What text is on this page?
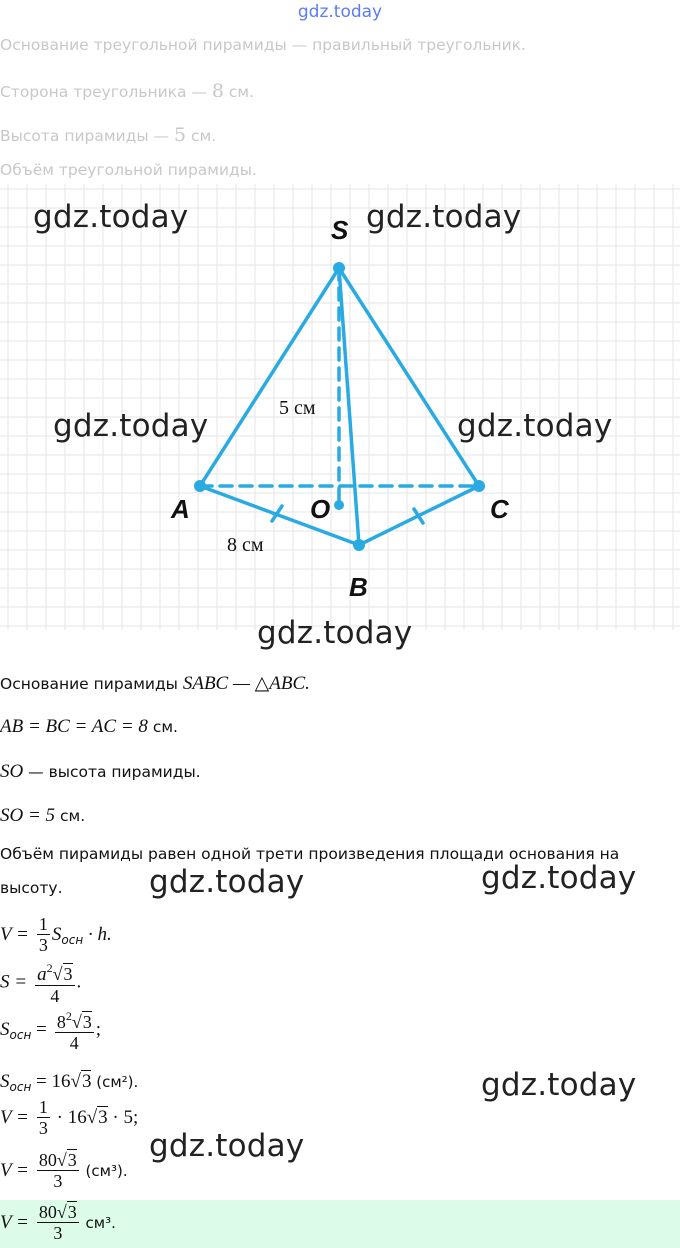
gdz.today
Основание треугольной пирамиды — правильный треугольник.
Сторона треугольника — 8 см.
Высота пирамиды — 5 см.
Объём треугольной пирамиды.
S
A	C
O
B
5 см
8 см
gdz.today	gdz.today
gdz.today	gdz.today
gdz.today
gdz.today	gdz.today
gdz.today
gdz.today
Основание пирамиды SABC — △ABC.
AB = BC = AC = 8 см.
SO — высота пирамиды.
SO = 5 см.
Объём пирамиды равен одной трети произведения площади основания на
высоту.
$V = \frac{1}{3} S_{осн} \cdot h$.
$S = \frac{a^2√3}{4}$ .
$S_{осн} = \frac{8^2√3}{4}$ ;
$S_{осн} = 16√3$ (см²).
$V = \frac{1}{3} \cdot 16√3 \cdot 5$;
$V = \frac{80√3}{3} (см^3)$.
$V = \frac{80√3}{3} см^3$.
